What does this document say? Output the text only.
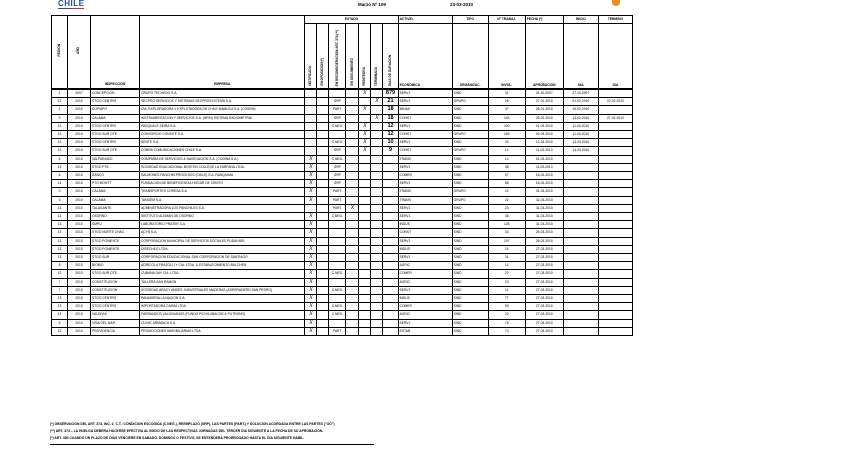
CHILE	Marzo Nº 109	23-03-2010
REGION	AÑO	INSPECCION	EMPRESA	ESTADO							ACTIVID.	TIPO	N° TRABAJ.	FECHA (*)	INICIO	TERMINO
				NOTIFICADA	EN OPOSICION (*)	EN RECONSIDERACION ART. 374 (**)	EN SEGUIMIENTO	REINTEGRA	TERMINADA	DIAS DE DURACION	ECONOMICA	ORGANIZAC.	INVOL.	APROBACION	DIA	DIA
2	2007	CONCEPCION	GRUPO TECHEDO S.A.					X		879	SERV1	SIND	31	24-10-2007	27-10-2007	
13	2010	STGO CENTRO	SECPRO SERVICIOS Y SISTEMAS SECPROSYSTEMS S.A.			SRP			X	21	SERV1	GRUPO	26	27-01-2010	01-02-2010	22-02-2010
2	2010	COPIAPO	CIA. EXPLORADORA Y EXPLOTADORA DE CHILE MAMUCA S.A. (COSEM)			PART.		X		18	MINAS	SIND	37	28-01-2010	15-02-2010	
3	2010	CALAMA	INSTRUMENTACION Y SERVICIOS S.A. (HEIN) SISTEMA RADIOMETRIA			SRP			X	18	CONST	SIND	143	25-02-2010	13-02-2010	27-02-2010
13	2010	STGO CENTRO	PASQUALE SEIRA S.A.			C.NEG.		X		12	SERV1	SIND	100	01-03-2010	11-03-2010	
13	2010	STGO SUR OTE.	CONSORCIO CONSITE S.A.					X		12	CONST	GRUPO	169	02-03-2010	11-03-2010	
13	2010	STGO CENTRO	SENTE S.A.			C.NEG.		X		10	SERV1	SIND	34	12-03-2010	13-03-2010	
13	2010	STGO SUR OTE.	COBRA COMUNICACIONES CHILE S.A.			SRP		X		9	CONST	GRUPO	12	11-03-2010	14-03-2010	
5	2010	VALPARAISO	COMPAÑIA DE SERVICIOS & NAVEGACION S.A. (CODINA S.A.)	X		C.NEG.					TRANS	SIND	14	01-03-2010		
13	2010	STGO PTE.	SOCIEDAD EDUCACIONAL BOSTON COLLEGE LA FARFANA LTDA.	X		SRP					SERV1	SIND	38	11-03-2010		
6	2010	RANCO	SALMONES PANCHIN PROCESOS (CHILE) S.A. RANQUIMA	X		SRP					COMER	SIND	57	15-03-2010		
14	2010	PTO MONTT	FUNDACION DE BENEFICENCIA HOGAR DE CRISTO	X		SRP					SERV1	SIND	85	15-03-2010		
3	2010	CALAMA	TRANSPORTES CORESA S.A.	X		PART.					TRANS	GRUPO	22	31-03-2010		
3	2010	CALAMA	TANGEM S.A.	X		PART.					TRANS	GRUPO	22	31-03-2010		
13	2010	TALAGANTE	ADMINISTRADORA LOS PANCHILES S.A.			PART.	X				SERV1	SIND	23	31-03-2010		
14	2010	OSORNO	INSTITUTO ALEMAN DE OSORNO	X		C.NEG.					SERV1	SIND	36	31-03-2010		
13	2010	SMPU	LABORATORIO PRATER S.A.	X							INDUS	SIND	128	31-03-2010		
13	2010	STGO NORTE CHAC.	ACYS S.A.	X							CONST	SIND	33	26-03-2010		
13	2010	STGO PONIENTE	CORPORACION MUNICIPAL DE SERVICIOS SOCIALES PUDAHUEL	X							SERV1	SIND	197	26-03-2010		
13	2010	STGO PONIENTE	DISECHILE LTDA.	X							INDUS	SIND	24	27-03-2010		
13	2010	STGO SUR	CORPORACION EDUCACIONAL SAN CORPORACION DE SANTIAGO	X							SERV1	SIND	31	27-03-2010		
8	2010	BIOBIO	AGRICOLA FRAZOLLI Y CIA. LTDA. & ESTABLECIMIENTO BULCHEN	X							AGRIC	SIND	14	27-03-2010		
13	2010	STGO SUR OTE.	CUBANA DAY CIA. LTDA.	X		C.NEG.					COMER	SIND	22	27-03-2010		
7	2010	CONSTITUCION	TALLERA SAN RAMON	X							AGRIC	SIND	23	27-03-2010		
7	2010	CONSTITUCION	SOCIEDAD ARACY ANDES, INDUSTRIALES MADERAS (ASERRADERO SAN PEDRO)	X		C.NEG.					SERV1	SIND	11	27-03-2010		
13	2010	STGO CENTRO	PANADERIA LA NACION S.A.	X							INDUS	SIND	77	27-03-2010		
13	2010	STGO CENTRO	IMPORTADORA CARIM LTDA.	X		C.NEG.					COMER	SIND	59	27-03-2010		
14	2010	VALDIVIA	PARRANDOS VALDIVIANOS (FUNDO PICHILUBACOS & PUTRONO)	X		C.NEG.					AGRIC	SIND	22	27-03-2010		
5	2010	VIÑA DEL MAR	CLINIC ARMANCA S.A.	X							SERV1	SIND	76	27-03-2010		
13	2010	PROVIDENCIA	PROMOCIONES INMOBILIARIAS LTDA.	X		PART.					ESTAB	SIND	73	27-03-2010		
(*) OBSERVACION DEL ART. 374, INC. 2, C.T.: CONDICION ESCOGIDA (C.NEG.), REEMPLAZO (SRP), LAS PARTES (PART.) Y SOLUCION ACORDADA ENTRE LAS PARTES ("OO")
(**) ART. 374 – LA HUELGA DEBERA HACERSE EFECTIVA AL INICIO DE LAS RESPECTIVAS JORNADAS DEL TERCER DIA SIGUIENTE A LA FECHA DE SU APROBACION.
(*) ART. 380 CUANDO UN PLAZO DE DIAS VENCIERE EN SABADO, DOMINGO O FESTIVO, SE ENTENDERA PRORROGADO HASTA EL DIA SIGUIENTE HABIL.
